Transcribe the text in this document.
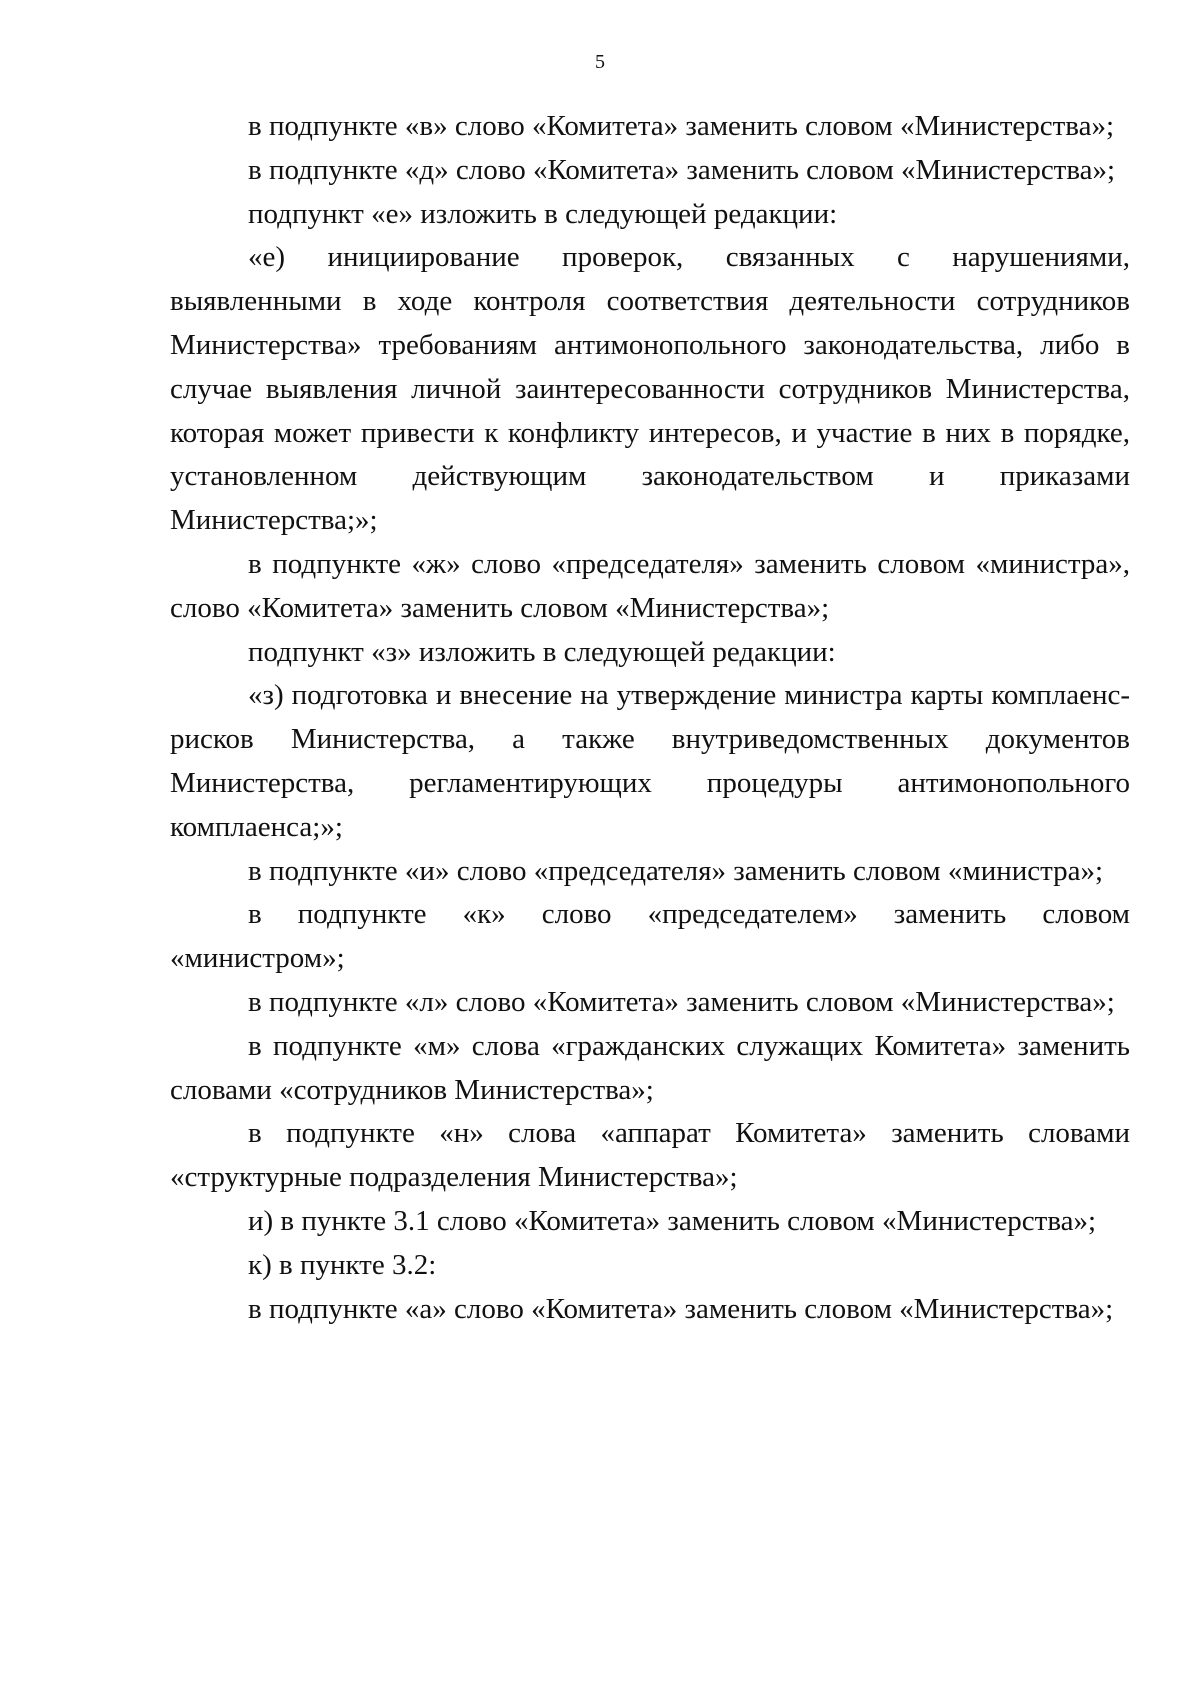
5

в подпункте «в» слово «Комитета» заменить словом «Министерства»;

в подпункте «д» слово «Комитета» заменить словом «Министерства»;

подпункт «е» изложить в следующей редакции:

«е) инициирование проверок, связанных с нарушениями, выявленными в ходе контроля соответствия деятельности сотрудников Министерства» требованиям антимонопольного законодательства, либо в случае выявления личной заинтересованности сотрудников Министерства, которая может привести к конфликту интересов, и участие в них в порядке, установленном действующим законодательством и приказами Министерства;»;

в подпункте «ж» слово «председателя» заменить словом «министра», слово «Комитета» заменить словом «Министерства»;

подпункт «з» изложить в следующей редакции:

«з) подготовка и внесение на утверждение министра карты комплаенс-рисков Министерства, а также внутриведомственных документов Министерства, регламентирующих процедуры антимонопольного комплаенса;»;

в подпункте «и» слово «председателя» заменить словом «министра»;

в подпункте «к» слово «председателем» заменить словом «министром»;

в подпункте «л» слово «Комитета» заменить словом «Министерства»;

в подпункте «м» слова «гражданских служащих Комитета» заменить словами «сотрудников Министерства»;

в подпункте «н» слова «аппарат Комитета» заменить словами «структурные подразделения Министерства»;

и) в пункте 3.1 слово «Комитета» заменить словом «Министерства»;

к) в пункте 3.2:

в подпункте «а» слово «Комитета» заменить словом «Министерства»;
